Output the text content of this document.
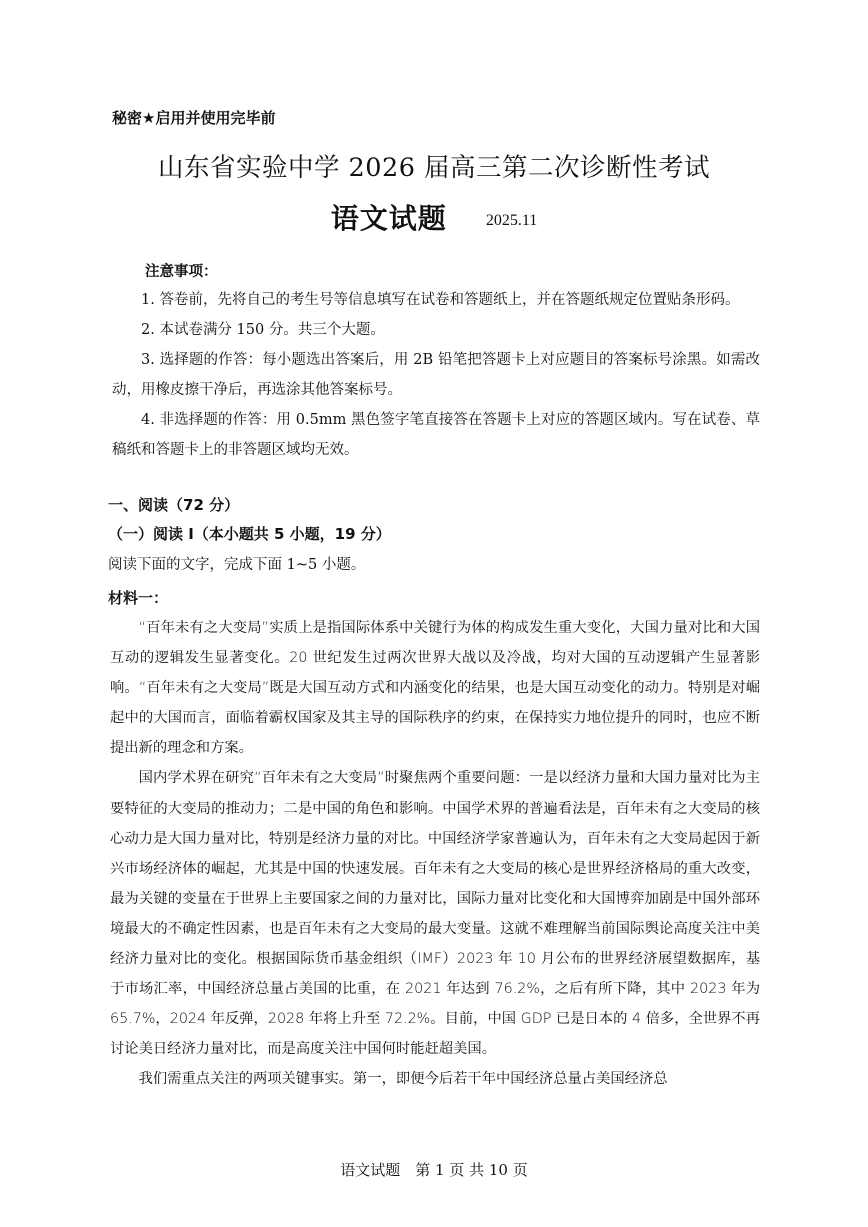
秘密★启用并使用完毕前
山东省实验中学 2026 届高三第二次诊断性考试
语文试题 2025.11
注意事项：

1. 答卷前，先将自己的考生号等信息填写在试卷和答题纸上，并在答题纸规定位置贴条形码。

2. 本试卷满分 150 分。共三个大题。

3. 选择题的作答：每小题选出答案后，用 2B 铅笔把答题卡上对应题目的答案标号涂黑。如需改动，用橡皮擦干净后，再选涂其他答案标号。

4. 非选择题的作答：用 0.5mm 黑色签字笔直接答在答题卡上对应的答题区域内。写在试卷、草稿纸和答题卡上的非答题区域均无效。

一、阅读（72 分）
（一）阅读 I（本小题共 5 小题，19 分）
阅读下面的文字，完成下面 1~5 小题。
材料一：

“百年未有之大变局”实质上是指国际体系中关键行为体的构成发生重大变化，大国力量对比和大国互动的逻辑发生显著变化。20 世纪发生过两次世界大战以及冷战，均对大国的互动逻辑产生显著影响。“百年未有之大变局”既是大国互动方式和内涵变化的结果，也是大国互动变化的动力。特别是对崛起中的大国而言，面临着霸权国家及其主导的国际秩序的约束，在保持实力地位提升的同时，也应不断提出新的理念和方案。

国内学术界在研究“百年未有之大变局”时聚焦两个重要问题：一是以经济力量和大国力量对比为主要特征的大变局的推动力；二是中国的角色和影响。中国学术界的普遍看法是，百年未有之大变局的核心动力是大国力量对比，特别是经济力量的对比。中国经济学家普遍认为，百年未有之大变局起因于新兴市场经济体的崛起，尤其是中国的快速发展。百年未有之大变局的核心是世界经济格局的重大改变，最为关键的变量在于世界上主要国家之间的力量对比，国际力量对比变化和大国博弈加剧是中国外部环境最大的不确定性因素，也是百年未有之大变局的最大变量。这就不难理解当前国际舆论高度关注中美经济力量对比的变化。根据国际货币基金组织（IMF）2023 年 10 月公布的世界经济展望数据库，基于市场汇率，中国经济总量占美国的比重，在 2021 年达到 76.2%，之后有所下降，其中 2023 年为 65.7%，2024 年反弹，2028 年将上升至 72.2%。目前，中国 GDP 已是日本的 4 倍多，全世界不再讨论美日经济力量对比，而是高度关注中国何时能赶超美国。

我们需重点关注的两项关键事实。第一，即便今后若干年中国经济总量占美国经济总

语文试题　第 1 页 共 10 页
